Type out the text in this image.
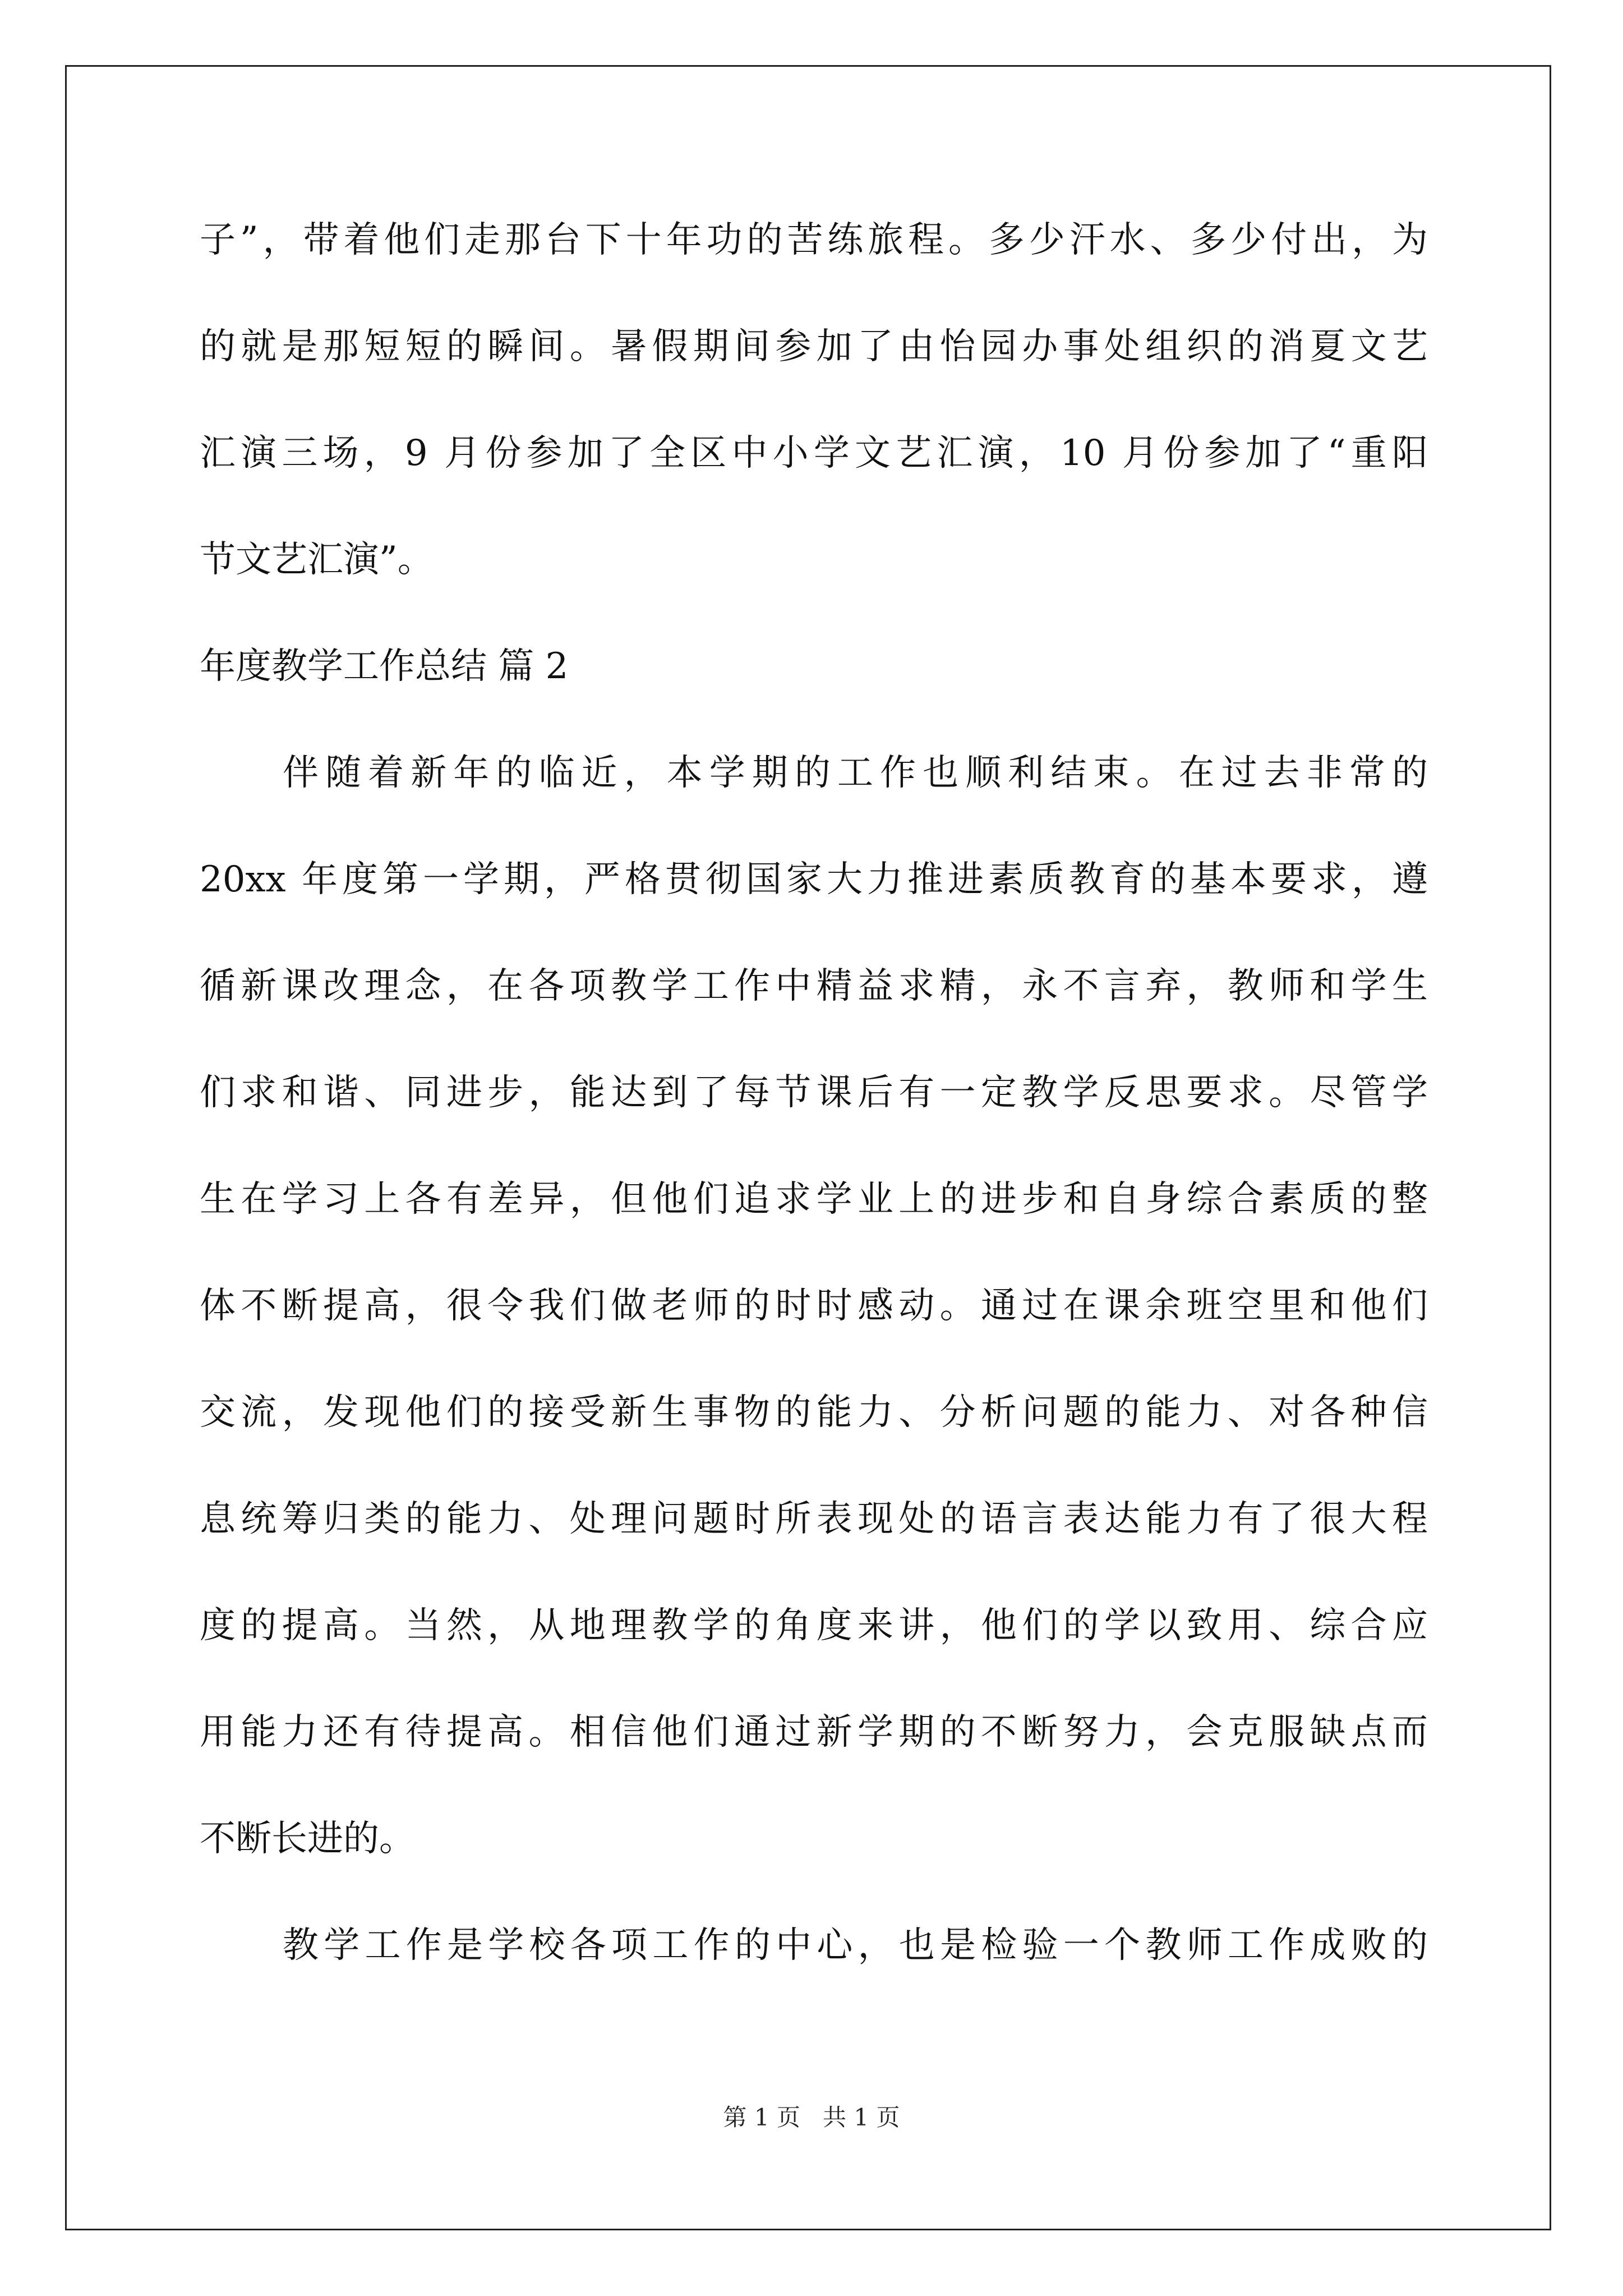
子”，带着他们走那台下十年功的苦练旅程。多少汗水、多少付出，为
的就是那短短的瞬间。暑假期间参加了由怡园办事处组织的消夏文艺
汇演三场，9 月份参加了全区中小学文艺汇演，10 月份参加了“重阳
节文艺汇演”。
年度教学工作总结 篇 2
伴随着新年的临近，本学期的工作也顺利结束。在过去非常的
20xx 年度第一学期，严格贯彻国家大力推进素质教育的基本要求，遵
循新课改理念，在各项教学工作中精益求精，永不言弃，教师和学生
们求和谐、同进步，能达到了每节课后有一定教学反思要求。尽管学
生在学习上各有差异，但他们追求学业上的进步和自身综合素质的整
体不断提高，很令我们做老师的时时感动。通过在课余班空里和他们
交流，发现他们的接受新生事物的能力、分析问题的能力、对各种信
息统筹归类的能力、处理问题时所表现处的语言表达能力有了很大程
度的提高。当然，从地理教学的角度来讲，他们的学以致用、综合应
用能力还有待提高。相信他们通过新学期的不断努力，会克服缺点而
不断长进的。
教学工作是学校各项工作的中心，也是检验一个教师工作成败的
第 1 页   共 1 页
